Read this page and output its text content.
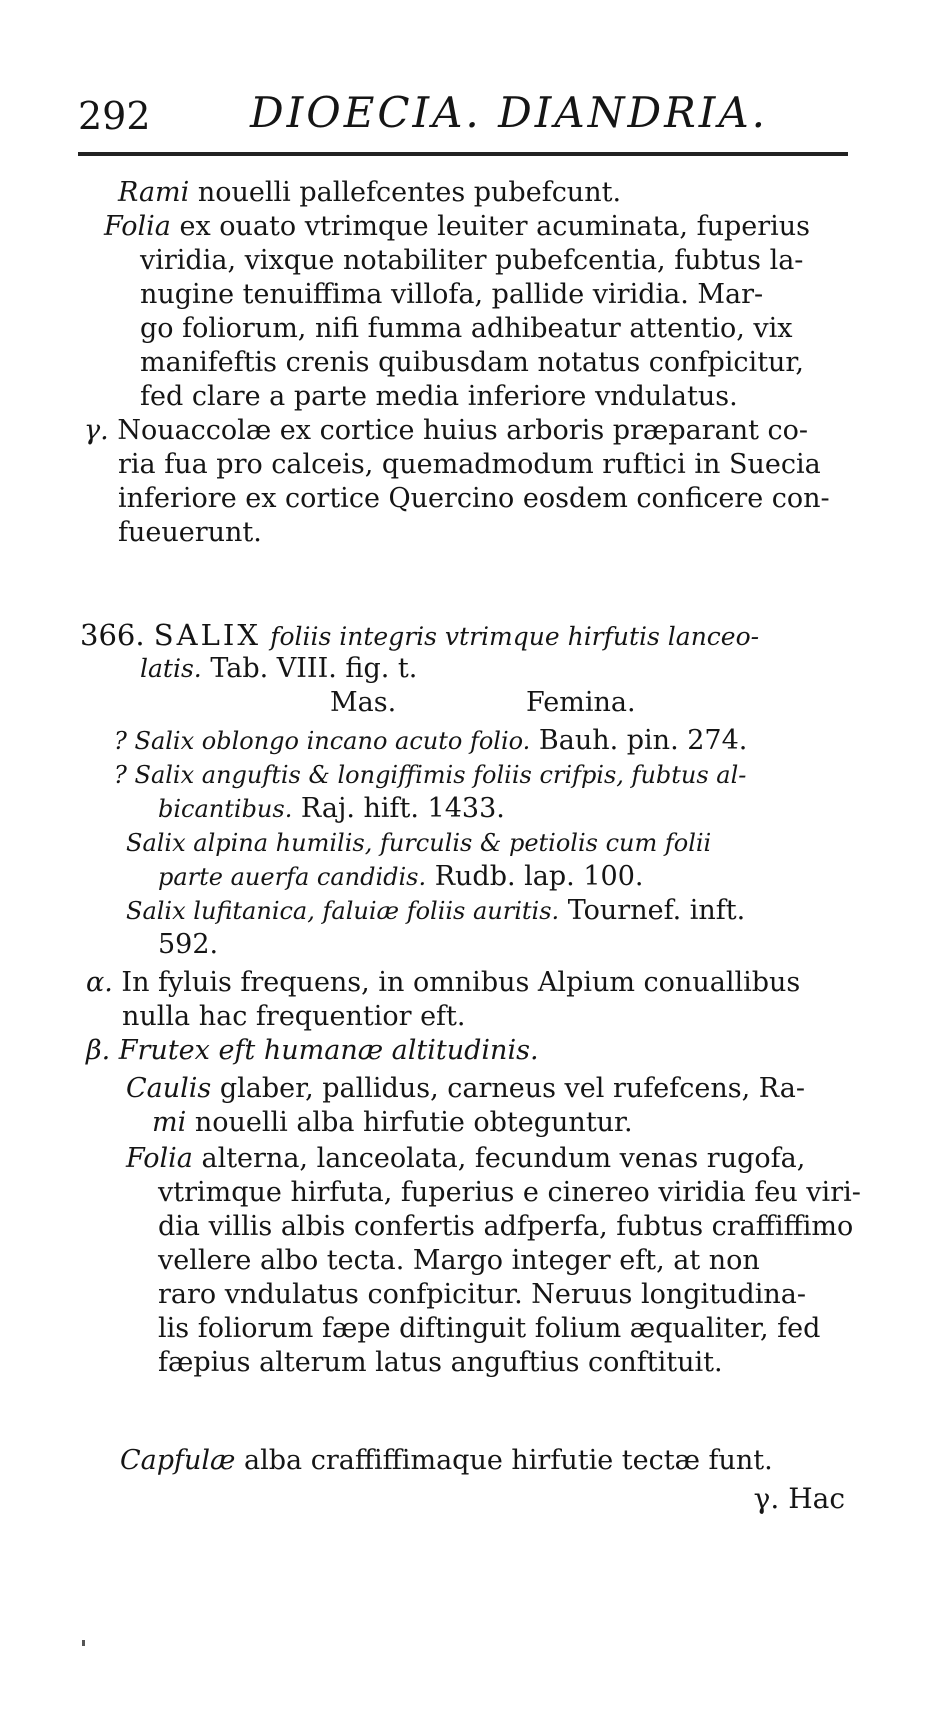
292 DIOECIA. DIANDRIA.
Rami nouelli pallefcentes pubefcunt.
Folia ex ouato vtrimque leuiter acuminata, fuperius
viridia, vixque notabiliter pubefcentia, fubtus la-
nugine tenuiffima villofa, pallide viridia. Mar-
go foliorum, nifi fumma adhibeatur attentio, vix
manifeftis crenis quibusdam notatus confpicitur,
fed clare a parte media inferiore vndulatus.
γ. Nouaccolæ ex cortice huius arboris præparant co-
ria fua pro calceis, quemadmodum ruftici in Suecia
inferiore ex cortice Quercino eosdem conficere con-
fueuerunt.
366. SALIX foliis integris vtrimque hirfutis lanceo-
latis. Tab. VIII. fig. t.
Mas.	Femina.
? Salix oblongo incano acuto folio. Bauh. pin. 274.
? Salix anguftis & longiffimis foliis crifpis, fubtus al-
bicantibus. Raj. hift. 1433.
Salix alpina humilis, furculis & petiolis cum folii
parte auerfa candidis. Rudb. lap. 100.
Salix lufitanica, faluiæ foliis auritis. Tournef. inft.
592.
α. In fyluis frequens, in omnibus Alpium conuallibus
nulla hac frequentior eft.
β. Frutex eft humanæ altitudinis.
Caulis glaber, pallidus, carneus vel rufefcens, Ra-
mi nouelli alba hirfutie obteguntur.
Folia alterna, lanceolata, fecundum venas rugofa,
vtrimque hirfuta, fuperius e cinereo viridia feu viri-
dia villis albis confertis adfperfa, fubtus craffiffimo
vellere albo tecta. Margo integer eft, at non
raro vndulatus confpicitur. Neruus longitudina-
lis foliorum fæpe diftinguit folium æqualiter, fed
fæpius alterum latus anguftius conftituit.
Capfulæ alba craffiffimaque hirfutie tectæ funt.
γ. Hac
